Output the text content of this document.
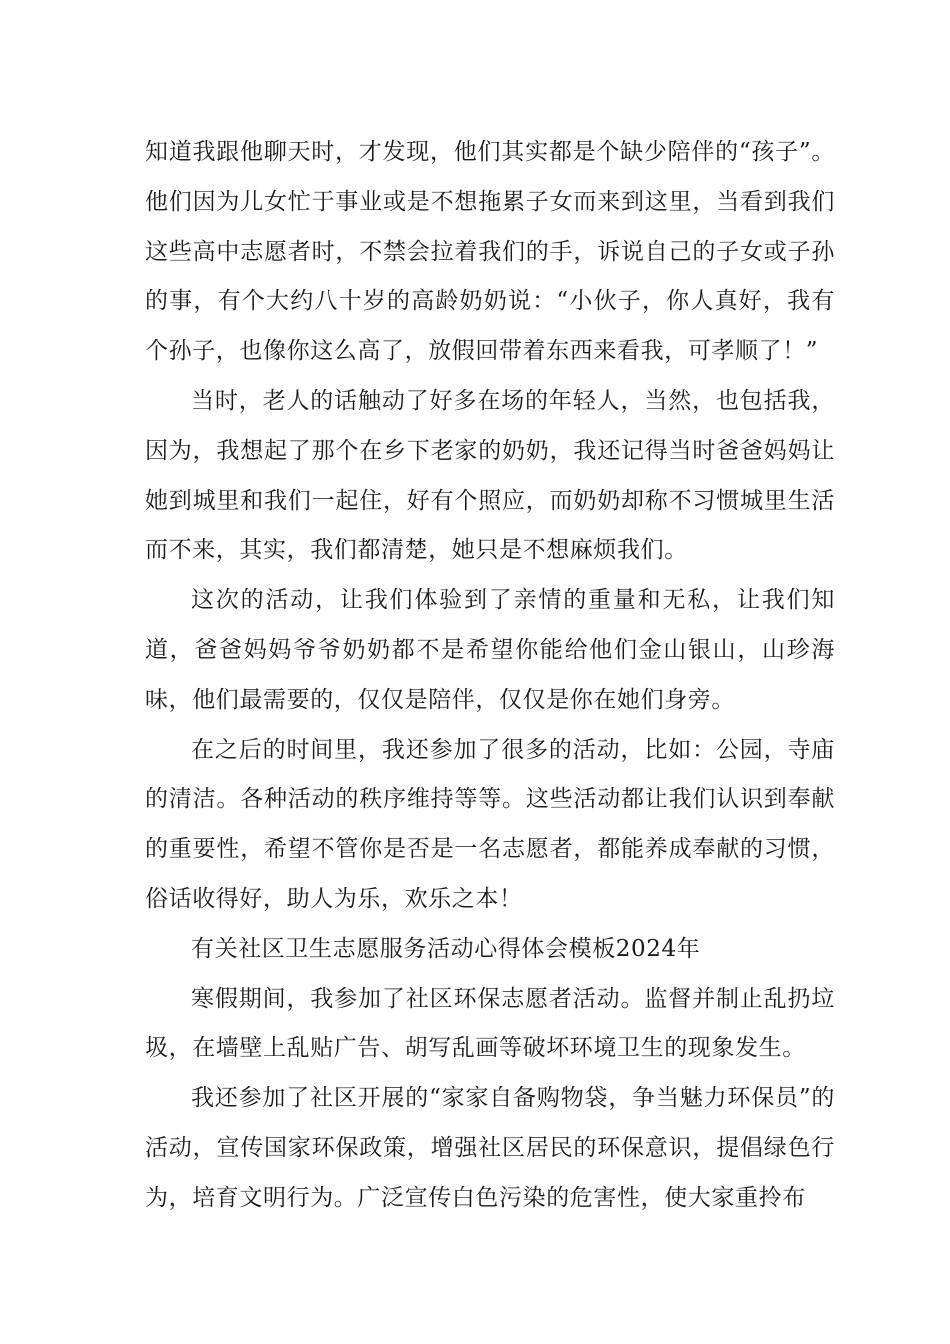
知道我跟他聊天时，才发现，他们其实都是个缺少陪伴的“孩子”。他们因为儿女忙于事业或是不想拖累子女而来到这里，当看到我们这些高中志愿者时，不禁会拉着我们的手，诉说自己的子女或子孙的事，有个大约八十岁的高龄奶奶说：“小伙子，你人真好，我有个孙子，也像你这么高了，放假回带着东西来看我，可孝顺了！”

当时，老人的话触动了好多在场的年轻人，当然，也包括我，因为，我想起了那个在乡下老家的奶奶，我还记得当时爸爸妈妈让她到城里和我们一起住，好有个照应，而奶奶却称不习惯城里生活而不来，其实，我们都清楚，她只是不想麻烦我们。

这次的活动，让我们体验到了亲情的重量和无私，让我们知道，爸爸妈妈爷爷奶奶都不是希望你能给他们金山银山，山珍海味，他们最需要的，仅仅是陪伴，仅仅是你在她们身旁。

在之后的时间里，我还参加了很多的活动，比如：公园，寺庙的清洁。各种活动的秩序维持等等。这些活动都让我们认识到奉献的重要性，希望不管你是否是一名志愿者，都能养成奉献的习惯，俗话收得好，助人为乐，欢乐之本！

有关社区卫生志愿服务活动心得体会模板2024年

寒假期间，我参加了社区环保志愿者活动。监督并制止乱扔垃圾，在墙壁上乱贴广告、胡写乱画等破坏环境卫生的现象发生。

我还参加了社区开展的“家家自备购物袋，争当魅力环保员”的活动，宣传国家环保政策，增强社区居民的环保意识，提倡绿色行为，培育文明行为。广泛宣传白色污染的危害性，使大家重拎布
